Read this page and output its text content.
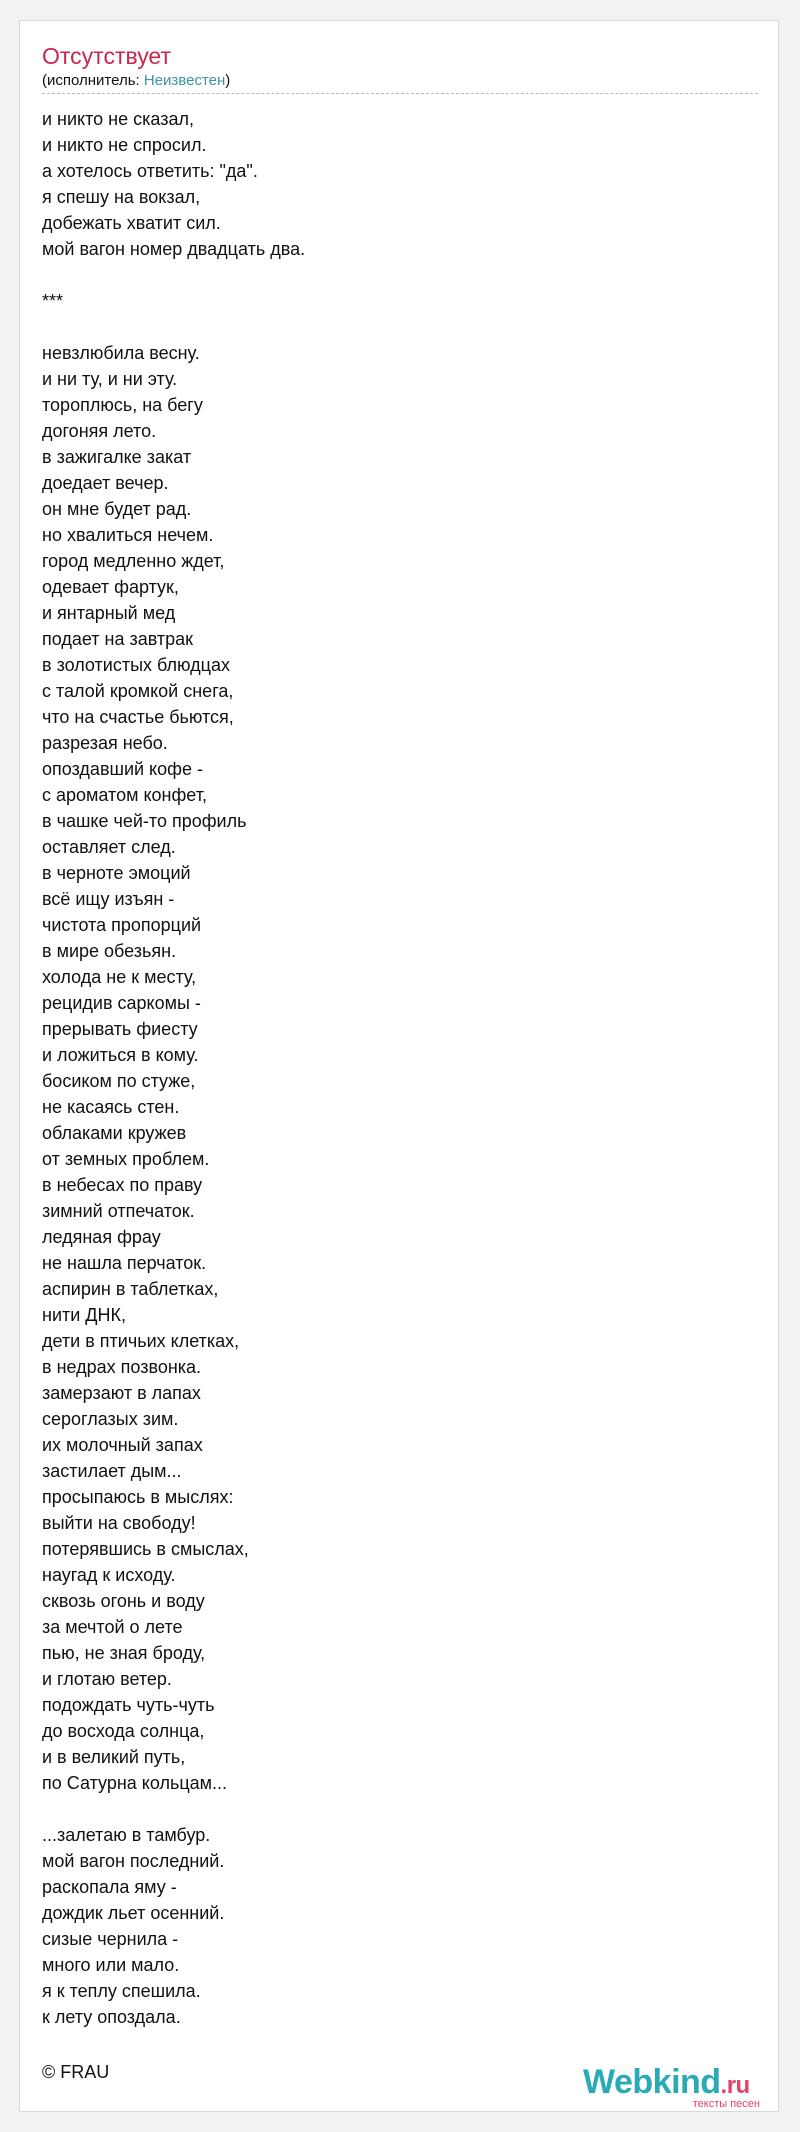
Отсутствует
(исполнитель: Неизвестен)
и никто не сказал,
и никто не спросил.
а хотелось ответить: "да".
я спешу на вокзал,
добежать хватит сил.
мой вагон номер двадцать два.

***

невзлюбила весну.
и ни ту, и ни эту.
тороплюсь, на бегу
догоняя лето.
в зажигалке закат
доедает вечер.
он мне будет рад.
но хвалиться нечем.
город медленно ждет,
одевает фартук,
и янтарный мед
подает на завтрак
в золотистых блюдцах
с талой кромкой снега,
что на счастье бьются,
разрезая небо.
опоздавший кофе -
с ароматом конфет,
в чашке чей-то профиль
оставляет след.
в черноте эмоций
всё ищу изъян -
чистота пропорций
в мире обезьян.
холода не к месту,
рецидив саркомы -
прерывать фиесту
и ложиться в кому.
босиком по стуже,
не касаясь стен.
облаками кружев
от земных проблем.
в небесах по праву
зимний отпечаток.
ледяная фрау
не нашла перчаток.
аспирин в таблетках,
нити ДНК,
дети в птичьих клетках,
в недрах позвонка.
замерзают в лапах
сероглазых зим.
их молочный запах
застилает дым...
просыпаюсь в мыслях:
выйти на свободу!
потерявшись в смыслах,
наугад к исходу.
сквозь огонь и воду
за мечтой о лете
пью, не зная броду,
и глотаю ветер.
подождать чуть-чуть
до восхода солнца,
и в великий путь,
по Сатурна кольцам...

...залетаю в тамбур.
мой вагон последний.
раскопала яму -
дождик льет осенний.
сизые чернила -
много или мало.
я к теплу спешила.
к лету опоздала.
© FRAU	Webkind.ru
тексты песен
